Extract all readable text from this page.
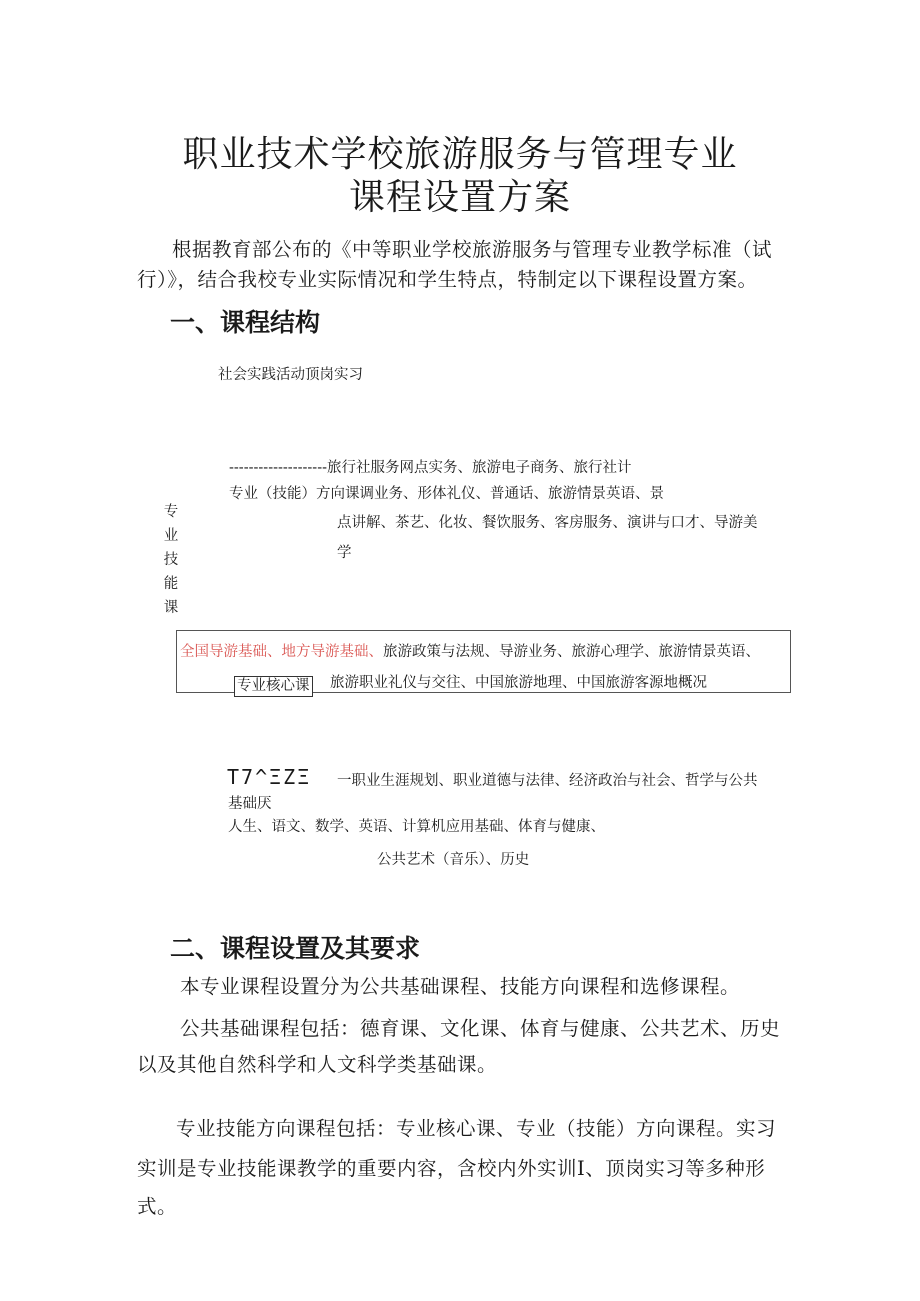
职业技术学校旅游服务与管理专业
课程设置方案
根据教育部公布的《中等职业学校旅游服务与管理专业教学标准（试
行）》，结合我校专业实际情况和学生特点，特制定以下课程设置方案。
一、课程结构
社会实践活动顶岗实习
--------------------旅行社服务网点实务、旅游电子商务、旅行社计
专业（技能）方向课调业务、形体礼仪、普通话、旅游情景英语、景
点讲解、茶艺、化妆、餐饮服务、客房服务、演讲与口才、导游美
学
专业技能课
全国导游基础、地方导游基础、旅游政策与法规、导游业务、旅游心理学、旅游情景英语、
旅游职业礼仪与交往、中国旅游地理、中国旅游客源地概况
专业核心课
T7^ΞZΞ 一职业生涯规划、职业道德与法律、经济政治与社会、哲学与公共
基础厌
人生、语文、数学、英语、计算机应用基础、体育与健康、
公共艺术（音乐）、历史
二、课程设置及其要求
本专业课程设置分为公共基础课程、技能方向课程和选修课程。
公共基础课程包括：德育课、文化课、体育与健康、公共艺术、历史
以及其他自然科学和人文科学类基础课。
专业技能方向课程包括：专业核心课、专业（技能）方向课程。实习
实训是专业技能课教学的重要内容，含校内外实训Ⅰ、顶岗实习等多种形
式。
